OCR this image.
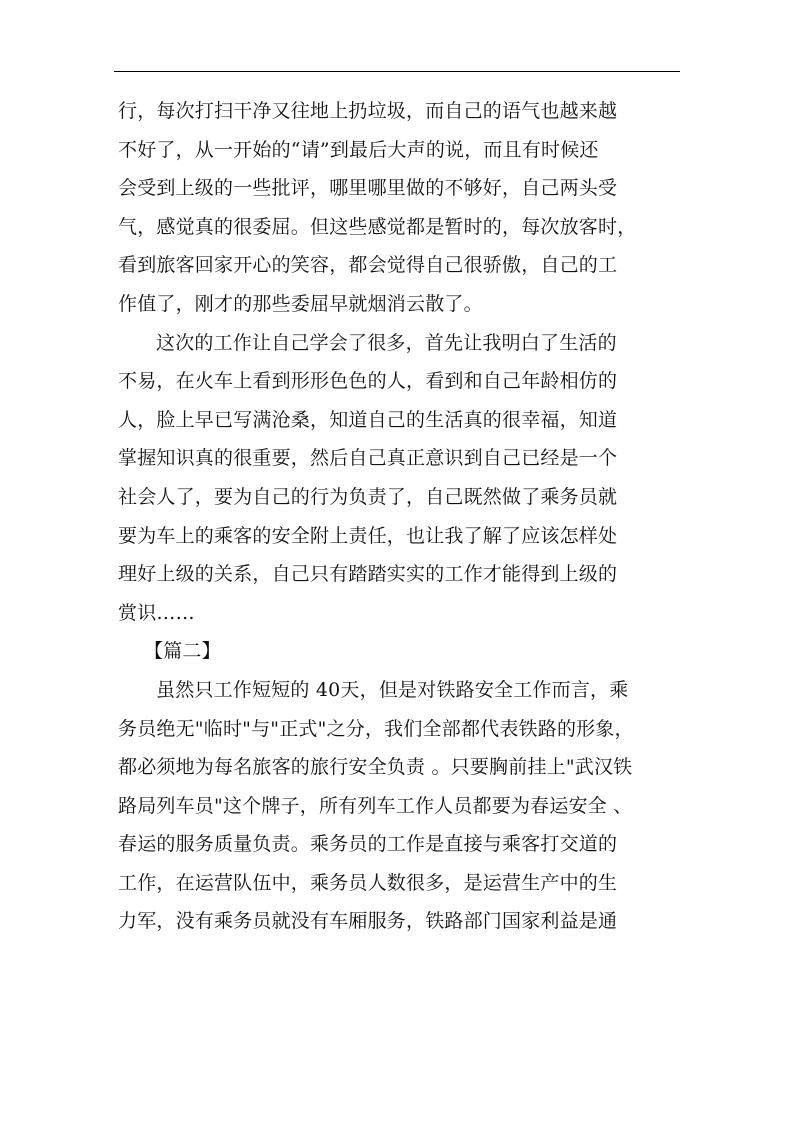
行，每次打扫干净又往地上扔垃圾，而自己的语气也越来越
不好了，从一开始的“请”到最后大声的说，而且有时候还
会受到上级的一些批评，哪里哪里做的不够好，自己两头受
气，感觉真的很委屈。但这些感觉都是暂时的，每次放客时，
看到旅客回家开心的笑容，都会觉得自己很骄傲，自己的工
作值了，刚才的那些委屈早就烟消云散了。
这次的工作让自己学会了很多，首先让我明白了生活的
不易，在火车上看到形形色色的人，看到和自己年龄相仿的
人，脸上早已写满沧桑，知道自己的生活真的很幸福，知道
掌握知识真的很重要，然后自己真正意识到自己已经是一个
社会人了，要为自己的行为负责了，自己既然做了乘务员就
要为车上的乘客的安全附上责任，也让我了解了应该怎样处
理好上级的关系，自己只有踏踏实实的工作才能得到上级的
赏识……
【篇二】
虽然只工作短短的 40天，但是对铁路安全工作而言，乘
务员绝无"临时"与"正式"之分，我们全部都代表铁路的形象，
都必须地为每名旅客的旅行安全负责 。只要胸前挂上"武汉铁
路局列车员"这个牌子，所有列车工作人员都要为春运安全 、
春运的服务质量负责。乘务员的工作是直接与乘客打交道的
工作，在运营队伍中，乘务员人数很多，是运营生产中的生
力军，没有乘务员就没有车厢服务，铁路部门国家利益是通
